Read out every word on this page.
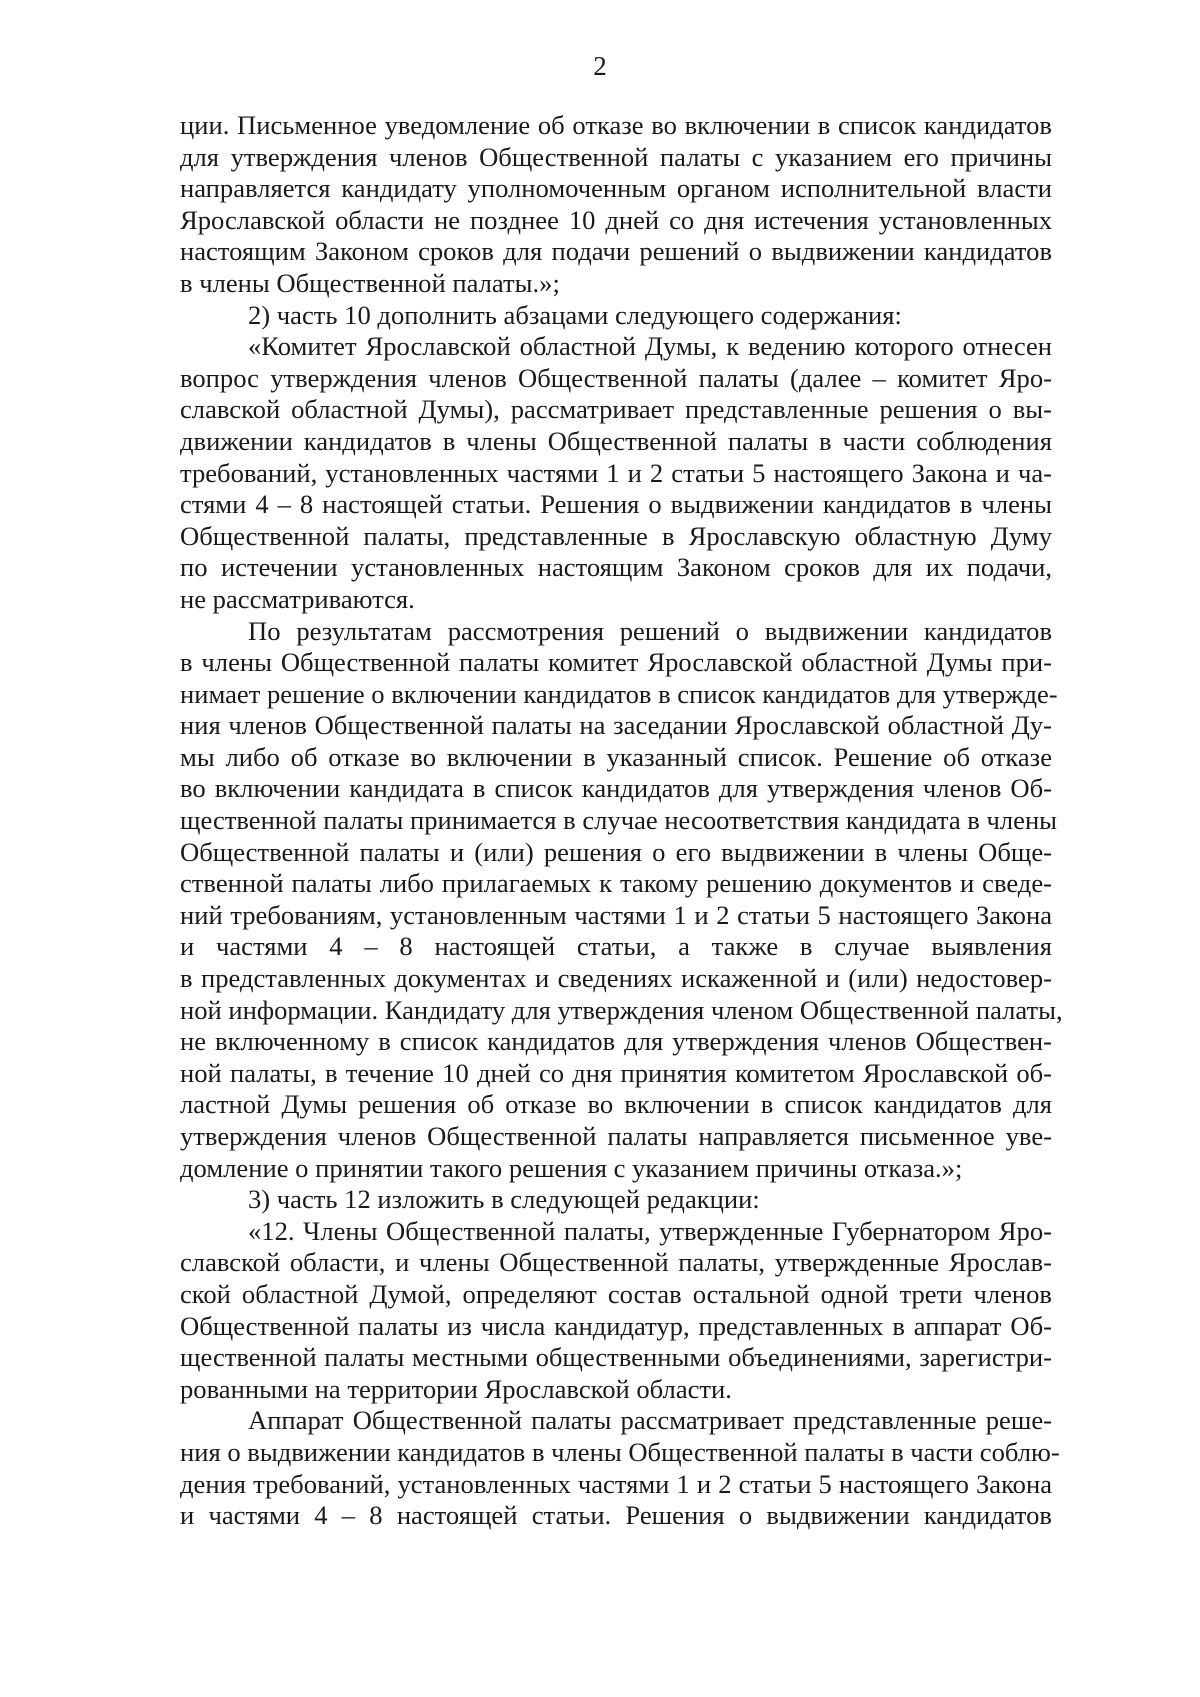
2
ции. Письменное уведомление об отказе во включении в список кандидатов
для утверждения членов Общественной палаты с указанием его причины
направляется кандидату уполномоченным органом исполнительной власти
Ярославской области не позднее 10 дней со дня истечения установленных
настоящим Законом сроков для подачи решений о выдвижении кандидатов
в члены Общественной палаты.»;
2) часть 10 дополнить абзацами следующего содержания:
«Комитет Ярославской областной Думы, к ведению которого отнесен
вопрос утверждения членов Общественной палаты (далее – комитет Яро-
славской областной Думы), рассматривает представленные решения о вы-
движении кандидатов в члены Общественной палаты в части соблюдения
требований, установленных частями 1 и 2 статьи 5 настоящего Закона и ча-
стями 4 – 8 настоящей статьи. Решения о выдвижении кандидатов в члены
Общественной палаты, представленные в Ярославскую областную Думу
по истечении установленных настоящим Законом сроков для их подачи,
не рассматриваются.
По результатам рассмотрения решений о выдвижении кандидатов
в члены Общественной палаты комитет Ярославской областной Думы при-
нимает решение о включении кандидатов в список кандидатов для утвержде-
ния членов Общественной палаты на заседании Ярославской областной Ду-
мы либо об отказе во включении в указанный список. Решение об отказе
во включении кандидата в список кандидатов для утверждения членов Об-
щественной палаты принимается в случае несоответствия кандидата в члены
Общественной палаты и (или) решения о его выдвижении в члены Обще-
ственной палаты либо прилагаемых к такому решению документов и сведе-
ний требованиям, установленным частями 1 и 2 статьи 5 настоящего Закона
и частями 4 – 8 настоящей статьи, а также в случае выявления
в представленных документах и сведениях искаженной и (или) недостовер-
ной информации. Кандидату для утверждения членом Общественной палаты,
не включенному в список кандидатов для утверждения членов Обществен-
ной палаты, в течение 10 дней со дня принятия комитетом Ярославской об-
ластной Думы решения об отказе во включении в список кандидатов для
утверждения членов Общественной палаты направляется письменное уве-
домление о принятии такого решения с указанием причины отказа.»;
3) часть 12 изложить в следующей редакции:
«12. Члены Общественной палаты, утвержденные Губернатором Яро-
славской области, и члены Общественной палаты, утвержденные Ярослав-
ской областной Думой, определяют состав остальной одной трети членов
Общественной палаты из числа кандидатур, представленных в аппарат Об-
щественной палаты местными общественными объединениями, зарегистри-
рованными на территории Ярославской области.
Аппарат Общественной палаты рассматривает представленные реше-
ния о выдвижении кандидатов в члены Общественной палаты в части соблю-
дения требований, установленных частями 1 и 2 статьи 5 настоящего Закона
и частями 4 – 8 настоящей статьи. Решения о выдвижении кандидатов
